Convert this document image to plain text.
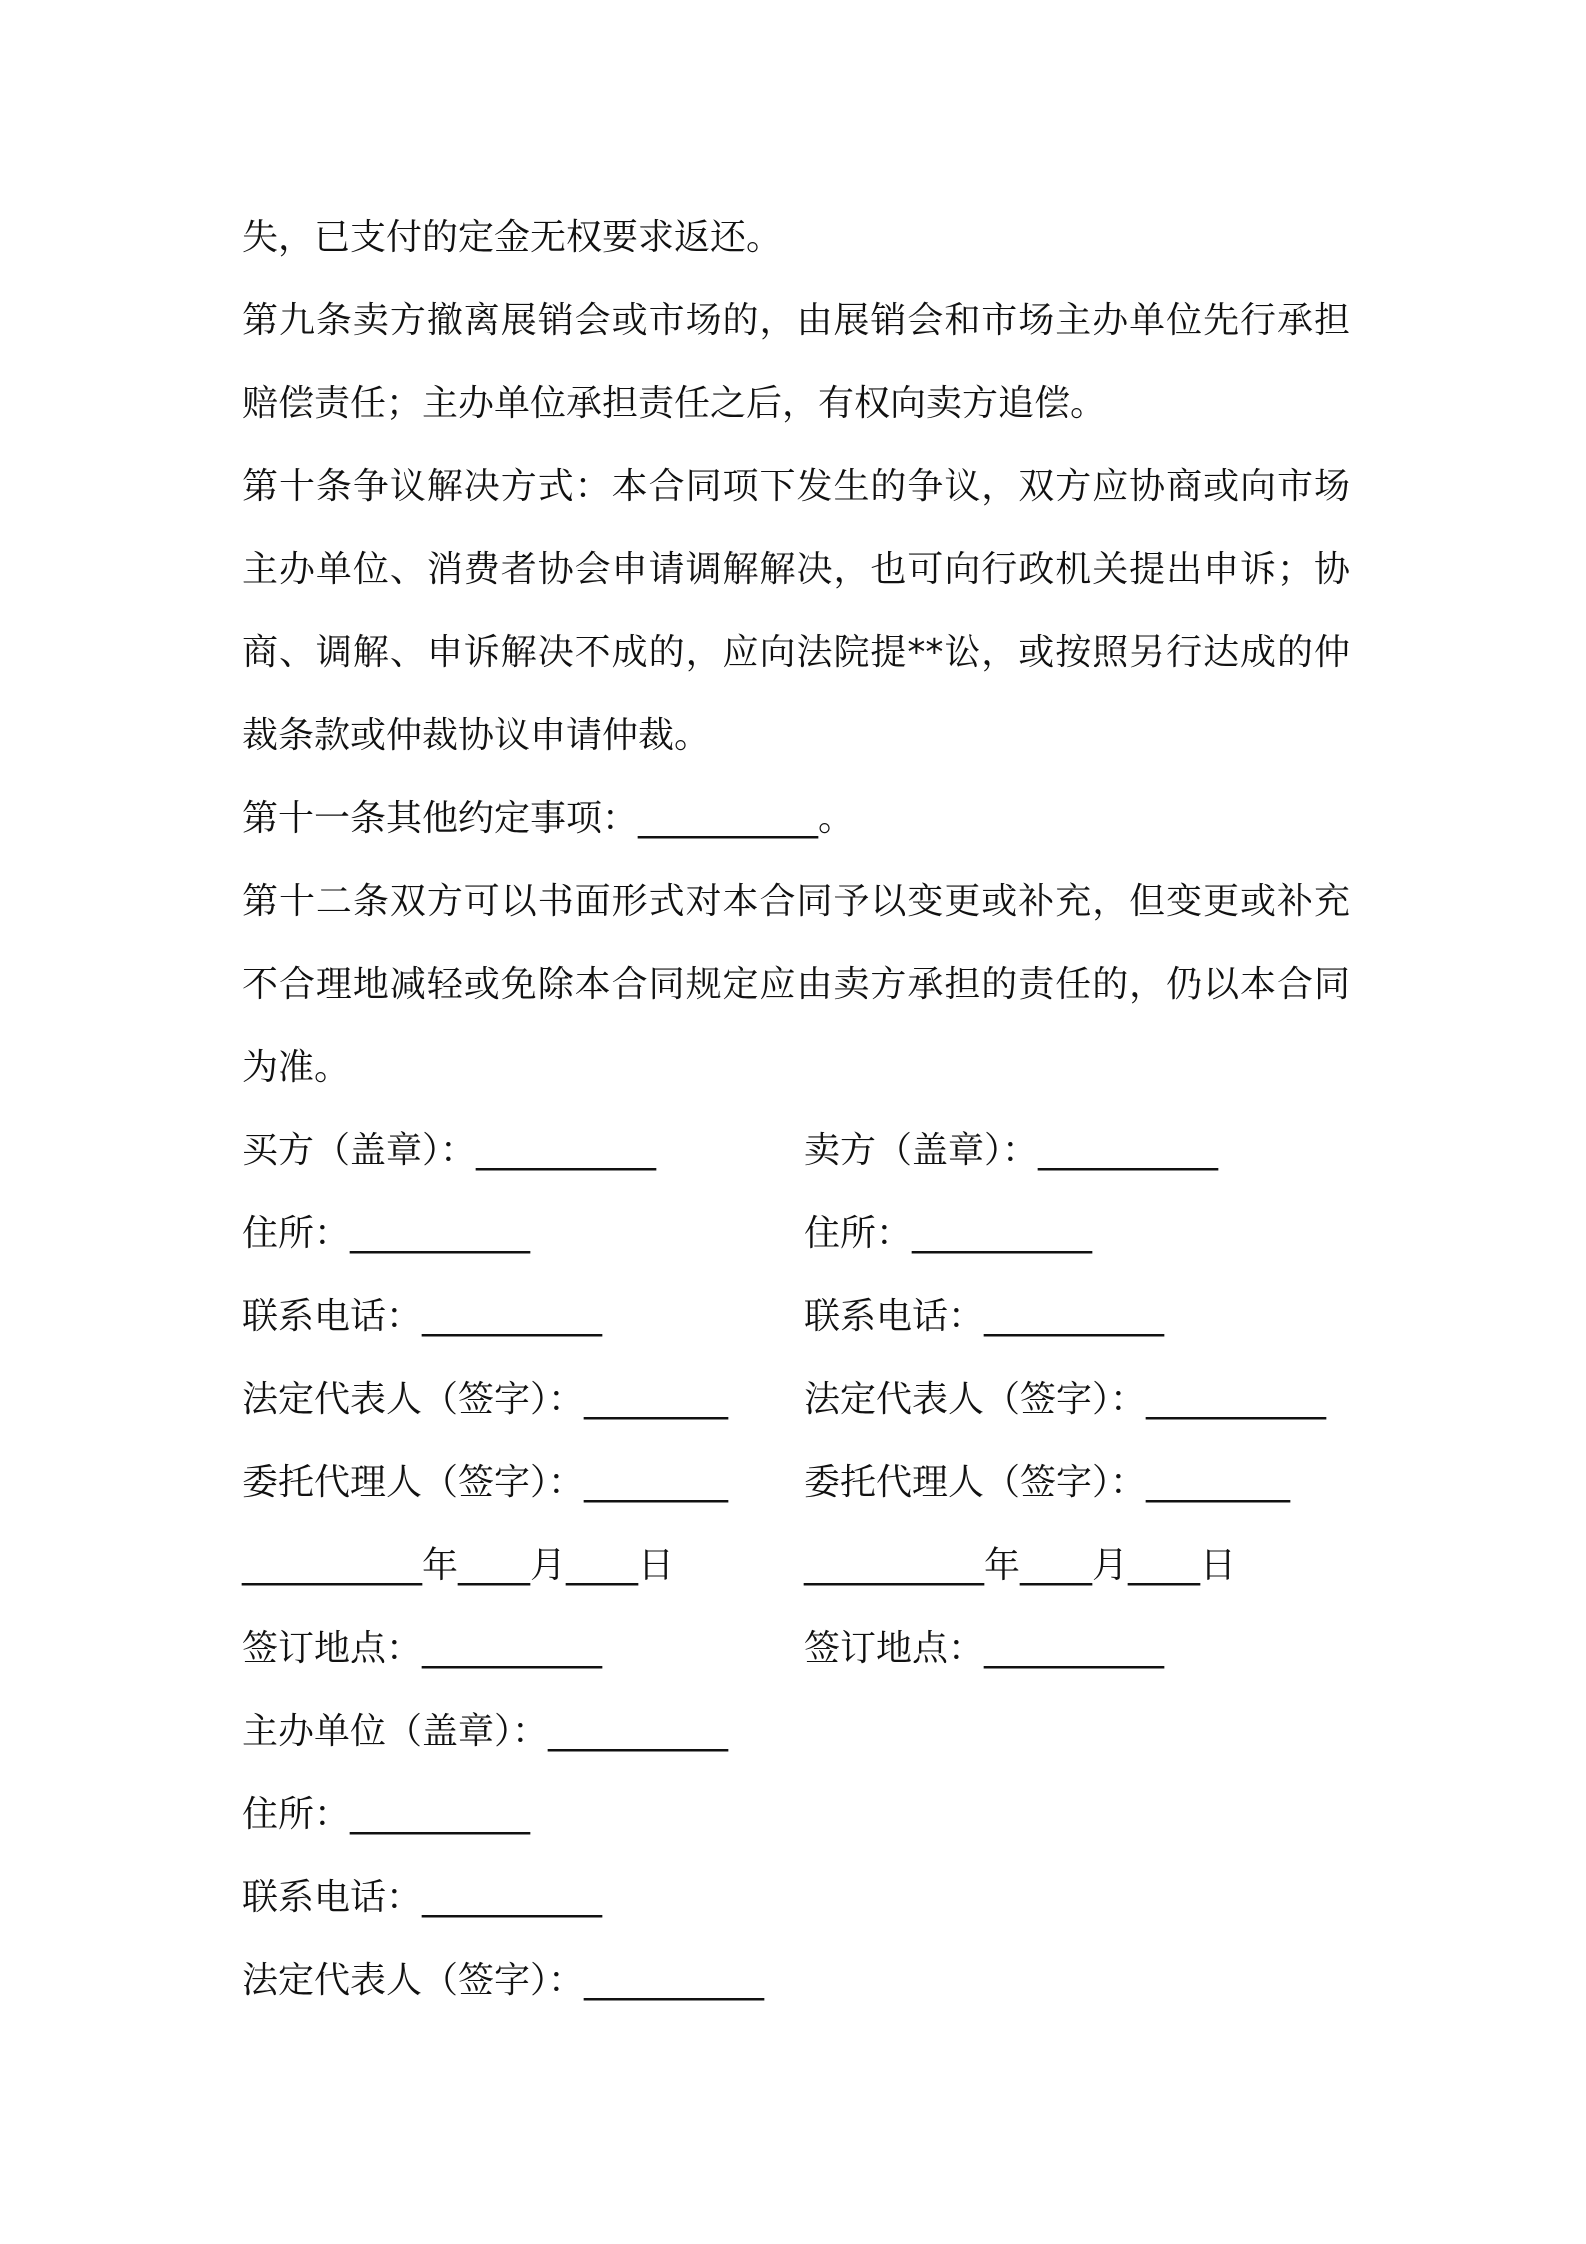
失，已支付的定金无权要求返还。

第九条卖方撤离展销会或市场的，由展销会和市场主办单位先行承担赔偿责任；主办单位承担责任之后，有权向卖方追偿。

第十条争议解决方式：本合同项下发生的争议，双方应协商或向市场主办单位、消费者协会申请调解解决，也可向行政机关提出申诉；协商、调解、申诉解决不成的，应向法院提**讼，或按照另行达成的仲裁条款或仲裁协议申请仲裁。

第十一条其他约定事项：__________。

第十二条双方可以书面形式对本合同予以变更或补充，但变更或补充不合理地减轻或免除本合同规定应由卖方承担的责任的，仍以本合同为准。

买方（盖章）：__________	卖方（盖章）：__________
住所：__________	住所：__________
联系电话：__________	联系电话：__________
法定代表人（签字）：________	法定代表人（签字）：__________
委托代理人（签字）：________	委托代理人（签字）：________
__________年____月____日	__________年____月____日
签订地点：__________	签订地点：__________
主办单位（盖章）：__________
住所：__________
联系电话：__________
法定代表人（签字）：__________
